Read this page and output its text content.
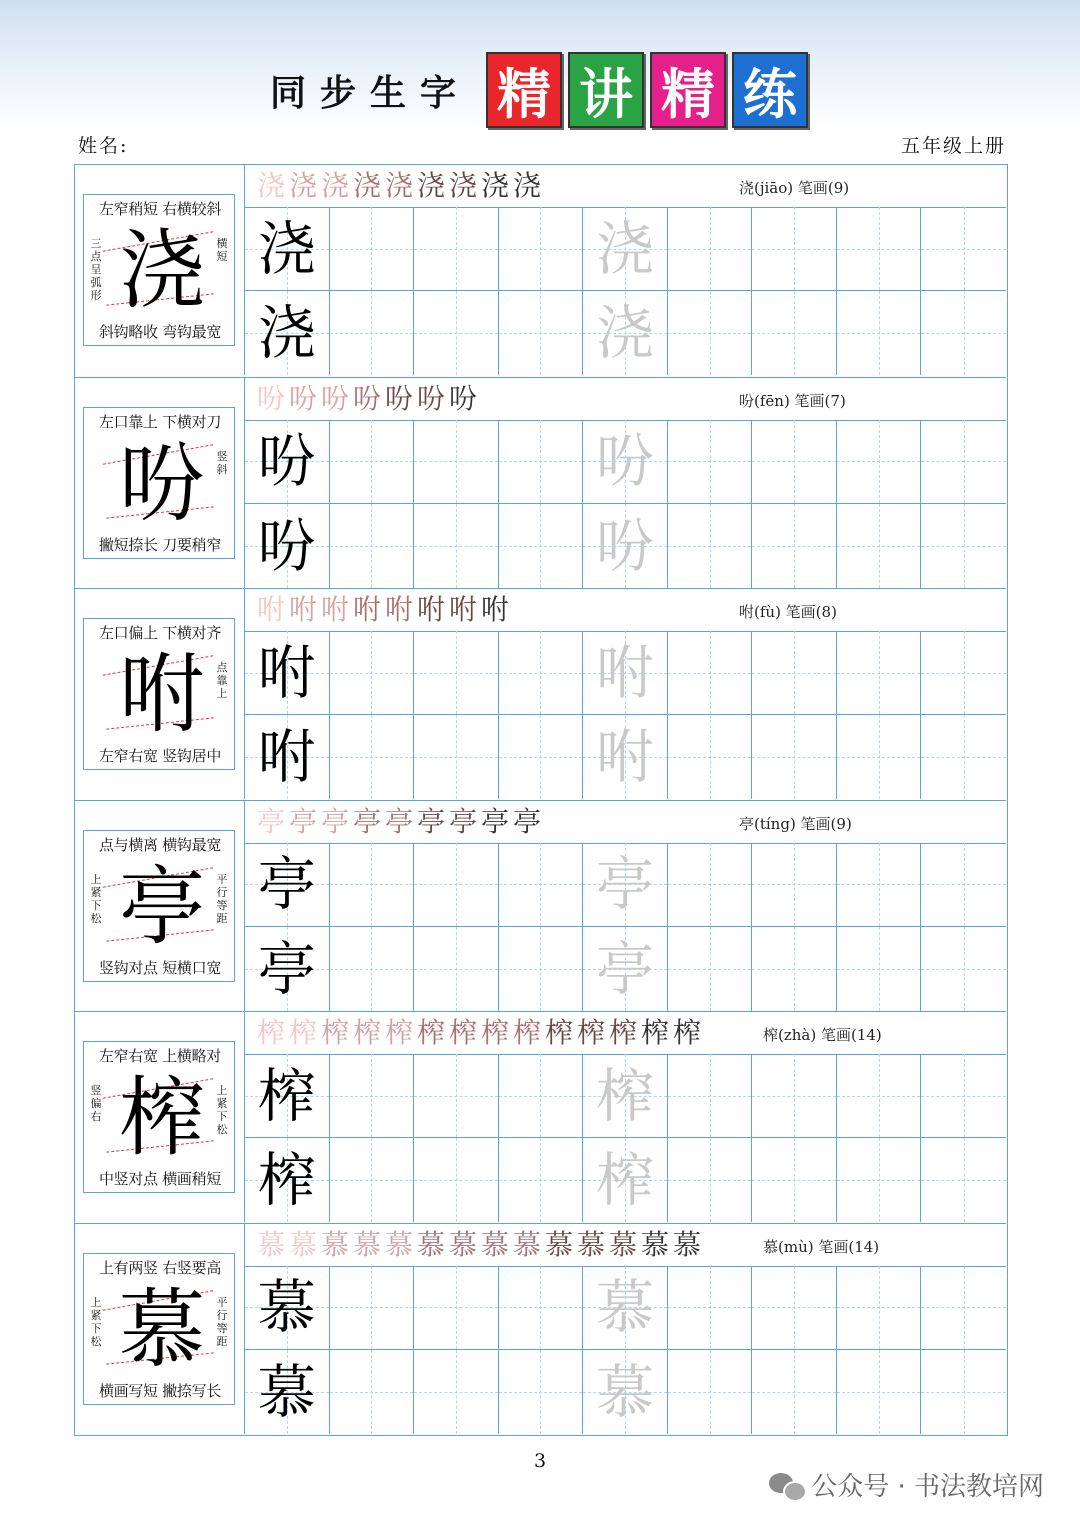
同步生字 精 讲 精 练
姓名:	五年级上册
左窄稍短 右横较斜
三
点
呈
弧
形 浇	横
短
斜钩略收 弯钩最宽
浇 浇 浇 浇 浇 浇 浇 浇 浇	浇(jiāo) 笔画(9)
浇	浇
浇	浇
左口靠上 下横对刀
吩	竖
斜
撇短捺长 刀要稍窄
吩 吩 吩 吩 吩 吩 吩	吩(fēn) 笔画(7)
吩	吩
吩	吩
左口偏上 下横对齐
咐	点
靠
上
左窄右宽 竖钩居中
咐 咐 咐 咐 咐 咐 咐 咐	咐(fù) 笔画(8)
咐	咐
咐	咐
点与横离 横钩最宽
上
紧
下
松 亭	平
行
等
距
竖钩对点 短横口宽
亭 亭 亭 亭 亭 亭 亭 亭 亭	亭(tíng) 笔画(9)
亭	亭
亭	亭
左窄右宽 上横略对
竖
偏
右 榨	上
紧
下
松
中竖对点 横画稍短
榨 榨 榨 榨 榨 榨 榨 榨 榨 榨 榨 榨 榨 榨	榨(zhà) 笔画(14)
榨	榨
榨	榨
上有两竖 右竖要高
上
紧
下
松 慕	平
行
等
距
横画写短 撇捺写长
慕 慕 慕 慕 慕 慕 慕 慕 慕 慕 慕 慕 慕 慕	慕(mù) 笔画(14)
慕	慕
慕	慕
3
公众号 · 书法教培网
